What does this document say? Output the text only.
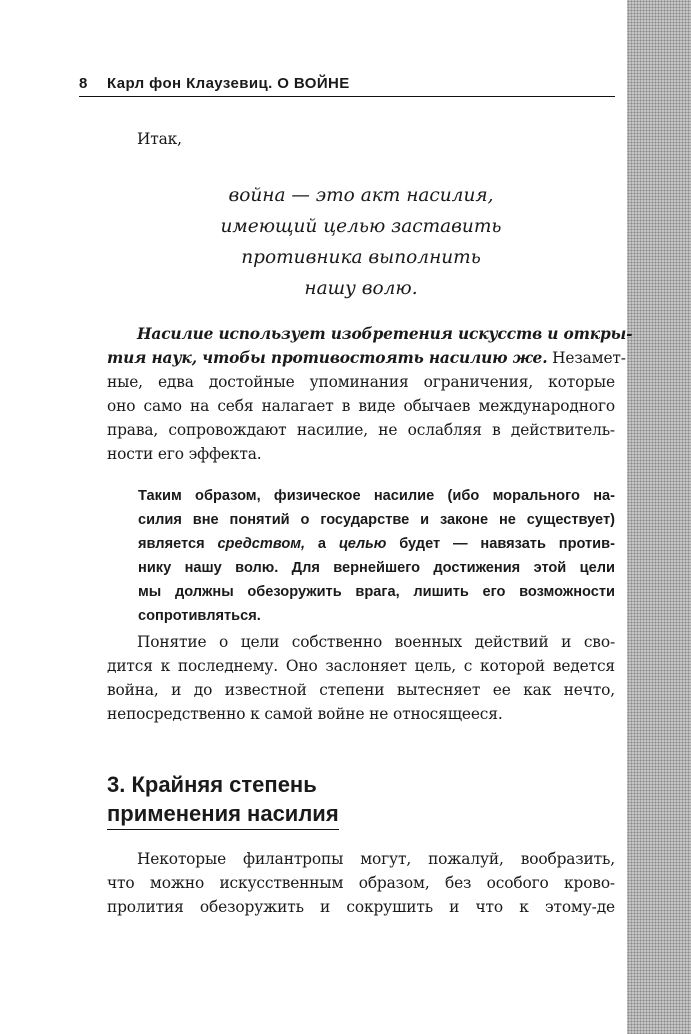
8 Карл фон Клаузевиц. О ВОЙНЕ
Итак,
война — это акт насилия,
имеющий целью заставить
противника выполнить
нашу волю.
Насилие использует изобретения искусств и откры-
тия наук, чтобы противостоять насилию же. Незамет-
ные, едва достойные упоминания ограничения, которые
оно само на себя налагает в виде обычаев международного
права, сопровождают насилие, не ослабляя в действитель-
ности его эффекта.
Таким образом, физическое насилие (ибо морального на-
силия вне понятий о государстве и законе не существует)
является средством, а целью будет — навязать против-
нику нашу волю. Для вернейшего достижения этой цели
мы должны обезоружить врага, лишить его возможности
сопротивляться.
Понятие о цели собственно военных действий и сво-
дится к последнему. Оно заслоняет цель, с которой ведется
война, и до известной степени вытесняет ее как нечто,
непосредственно к самой войне не относящееся.
3. Крайняя степень
применения насилия
Некоторые филантропы могут, пожалуй, вообразить,
что можно искусственным образом, без особого крово-
пролития обезоружить и сокрушить и что к этому-де
